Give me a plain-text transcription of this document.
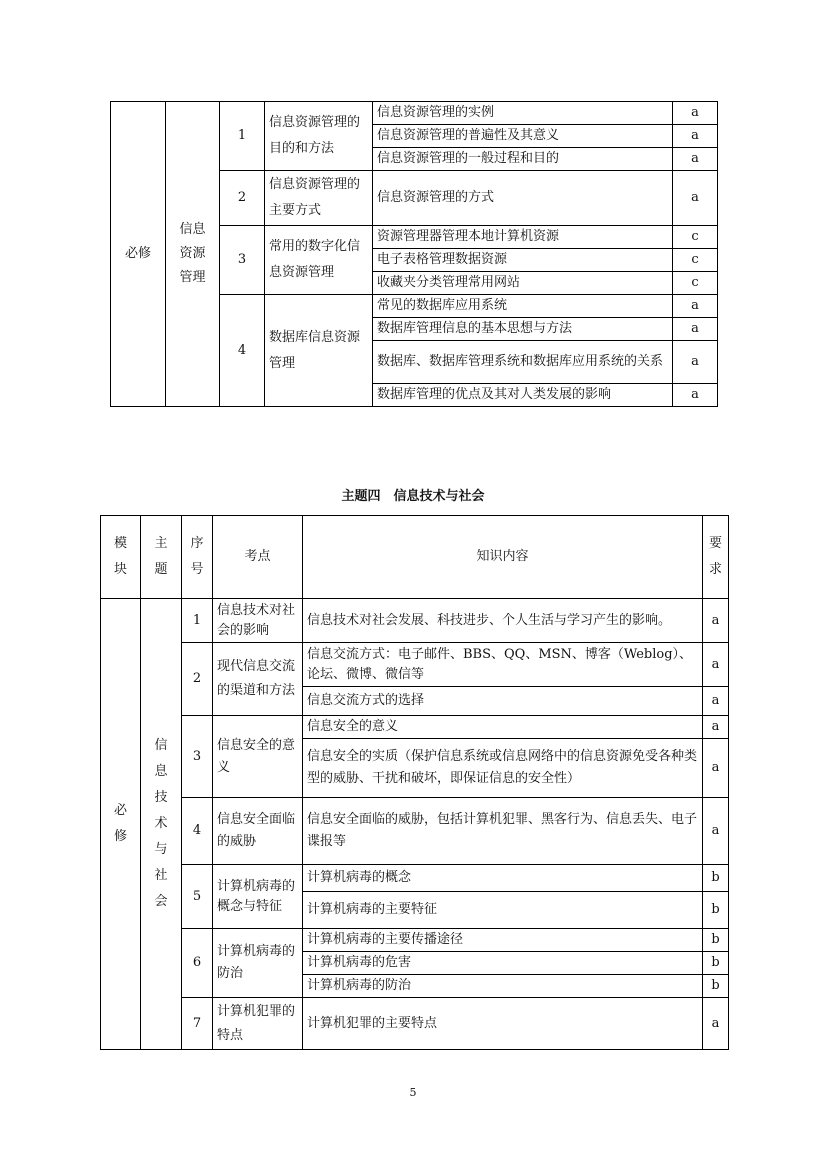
必修	信息资源管理	1	信息资源管理的目的和方法	信息资源管理的实例	a
				信息资源管理的普遍性及其意义	a
				信息资源管理的一般过程和目的	a
		2	信息资源管理的主要方式	信息资源管理的方式	a
		3	常用的数字化信息资源管理	资源管理器管理本地计算机资源	c
				电子表格管理数据资源	c
				收藏夹分类管理常用网站	c
		4	数据库信息资源管理	常见的数据库应用系统	a
				数据库管理信息的基本思想与方法	a
				数据库、数据库管理系统和数据库应用系统的关系	a
				数据库管理的优点及其对人类发展的影响	a
主题四　信息技术与社会
模块	主题	序号	考点	知识内容	要求

必修	信息技术与社会	1	信息技术对社会的影响	信息技术对社会发展、科技进步、个人生活与学习产生的影响。	a
		2	现代信息交流的渠道和方法	信息交流方式：电子邮件、BBS、QQ、MSN、博客（Weblog）、论坛、微博、微信等	a
				信息交流方式的选择	a
		3	信息安全的意义	信息安全的意义	a
				信息安全的实质（保护信息系统或信息网络中的信息资源免受各种类型的威胁、干扰和破坏，即保证信息的安全性）	a
		4	信息安全面临的威胁	信息安全面临的威胁，包括计算机犯罪、黑客行为、信息丢失、电子谍报等	a
		5	计算机病毒的概念与特征	计算机病毒的概念	b
				计算机病毒的主要特征	b
		6	计算机病毒的防治	计算机病毒的主要传播途径	b
				计算机病毒的危害	b
				计算机病毒的防治	b
		7	计算机犯罪的特点	计算机犯罪的主要特点	a
5
